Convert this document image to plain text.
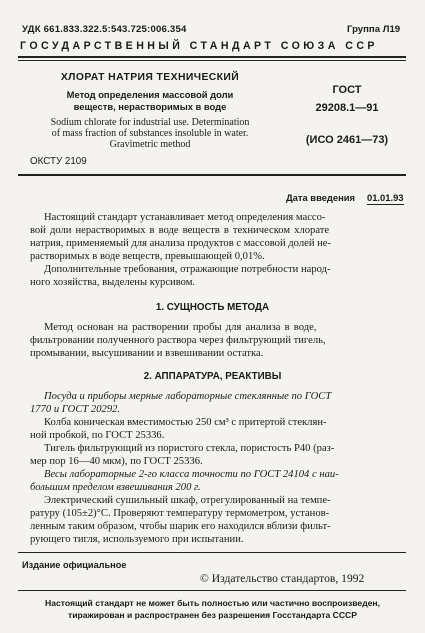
УДК 661.833.322.5:543.725:006.354	Группа Л19
ГОСУДАРСТВЕННЫЙ СТАНДАРТ СОЮЗА ССР
ХЛОРАТ НАТРИЯ ТЕХНИЧЕСКИЙ
Метод определения массовой доли
веществ, нерастворимых в воде
Sodium chlorate for industrial use. Determination
of mass fraction of substances insoluble in water.
Gravimetric method
ГОСТ
29208.1—91
(ИСО 2461—73)
ОКСТУ 2109
Дата введения 01.01.93
Настоящий стандарт устанавливает метод определения массо-
вой доли нерастворимых в воде веществ в техническом хлорате
натрия, применяемый для анализа продуктов с массовой долей не-
растворимых в воде веществ, превышающей 0,01%.
Дополнительные требования, отражающие потребности народ-
ного хозяйства, выделены курсивом.
1. СУЩНОСТЬ МЕТОДА
Метод основан на растворении пробы для анализа в воде,
фильтровании полученного раствора через фильтрующий тигель,
промывании, высушивании и взвешивании остатка.
2. АППАРАТУРА, РЕАКТИВЫ
Посуда и приборы мерные лабораторные стеклянные по ГОСТ
1770 и ГОСТ 20292.
Колба коническая вместимостью 250 см³ с притертой стеклян-
ной пробкой, по ГОСТ 25336.
Тигель фильтрующий из пористого стекла, пористость Р40 (раз-
мер пор 16—40 мкм), по ГОСТ 25336.
Весы лабораторные 2-го класса точности по ГОСТ 24104 с наи-
большим пределом взвешивания 200 г.
Электрический сушильный шкаф, отрегулированный на темпе-
ратуру (105±2)°С. Проверяют температуру термометром, установ-
ленным таким образом, чтобы шарик его находился вблизи фильт-
рующего тигля, используемого при испытании.
Издание официальное
© Издательство стандартов, 1992
Настоящий стандарт не может быть полностью или частично воспроизведен,
тиражирован и распространен без разрешения Госстандарта СССР
